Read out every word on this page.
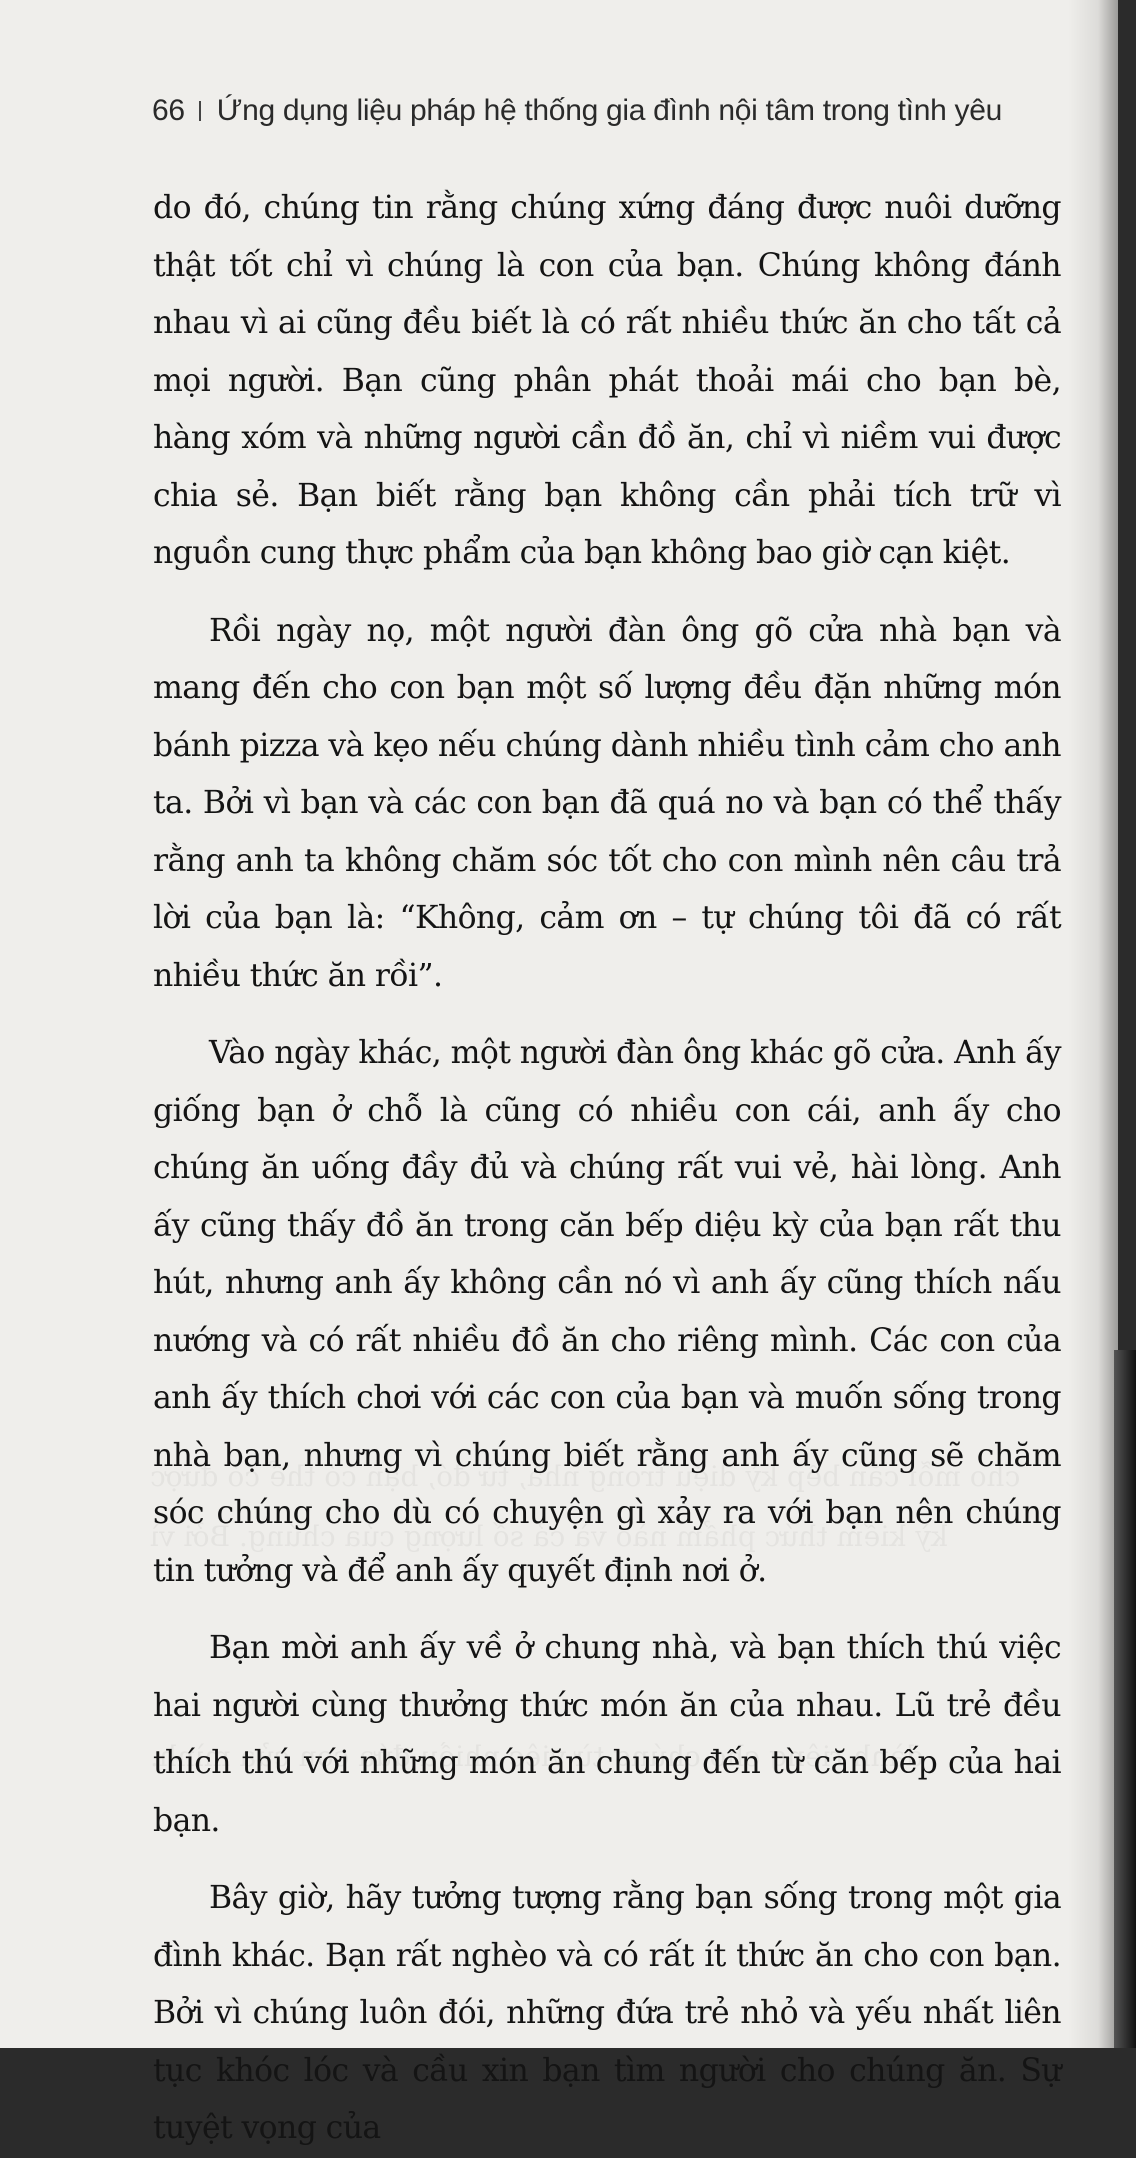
66 Ứng dụng liệu pháp hệ thống gia đình nội tâm trong tình yêu

do đó, chúng tin rằng chúng xứng đáng được nuôi dưỡng thật tốt chỉ vì chúng là con của bạn. Chúng không đánh nhau vì ai cũng đều biết là có rất nhiều thức ăn cho tất cả mọi người. Bạn cũng phân phát thoải mái cho bạn bè, hàng xóm và những người cần đồ ăn, chỉ vì niềm vui được chia sẻ. Bạn biết rằng bạn không cần phải tích trữ vì nguồn cung thực phẩm của bạn không bao giờ cạn kiệt.

Rồi ngày nọ, một người đàn ông gõ cửa nhà bạn và mang đến cho con bạn một số lượng đều đặn những món bánh pizza và kẹo nếu chúng dành nhiều tình cảm cho anh ta. Bởi vì bạn và các con bạn đã quá no và bạn có thể thấy rằng anh ta không chăm sóc tốt cho con mình nên câu trả lời của bạn là: “Không, cảm ơn – tự chúng tôi đã có rất nhiều thức ăn rồi”.

Vào ngày khác, một người đàn ông khác gõ cửa. Anh ấy giống bạn ở chỗ là cũng có nhiều con cái, anh ấy cho chúng ăn uống đầy đủ và chúng rất vui vẻ, hài lòng. Anh ấy cũng thấy đồ ăn trong căn bếp diệu kỳ của bạn rất thu hút, nhưng anh ấy không cần nó vì anh ấy cũng thích nấu nướng và có rất nhiều đồ ăn cho riêng mình. Các con của anh ấy thích chơi với các con của bạn và muốn sống trong nhà bạn, nhưng vì chúng biết rằng anh ấy cũng sẽ chăm sóc chúng cho dù có chuyện gì xảy ra với bạn nên chúng tin tưởng và để anh ấy quyết định nơi ở.

Bạn mời anh ấy về ở chung nhà, và bạn thích thú việc hai người cùng thưởng thức món ăn của nhau. Lũ trẻ đều thích thú với những món ăn chung đến từ căn bếp của hai bạn.

Bây giờ, hãy tưởng tượng rằng bạn sống trong một gia đình khác. Bạn rất nghèo và có rất ít thức ăn cho con bạn. Bởi vì chúng luôn đói, những đứa trẻ nhỏ và yếu nhất liên tục khóc lóc và cầu xin bạn tìm người cho chúng ăn. Sự tuyệt vọng của
